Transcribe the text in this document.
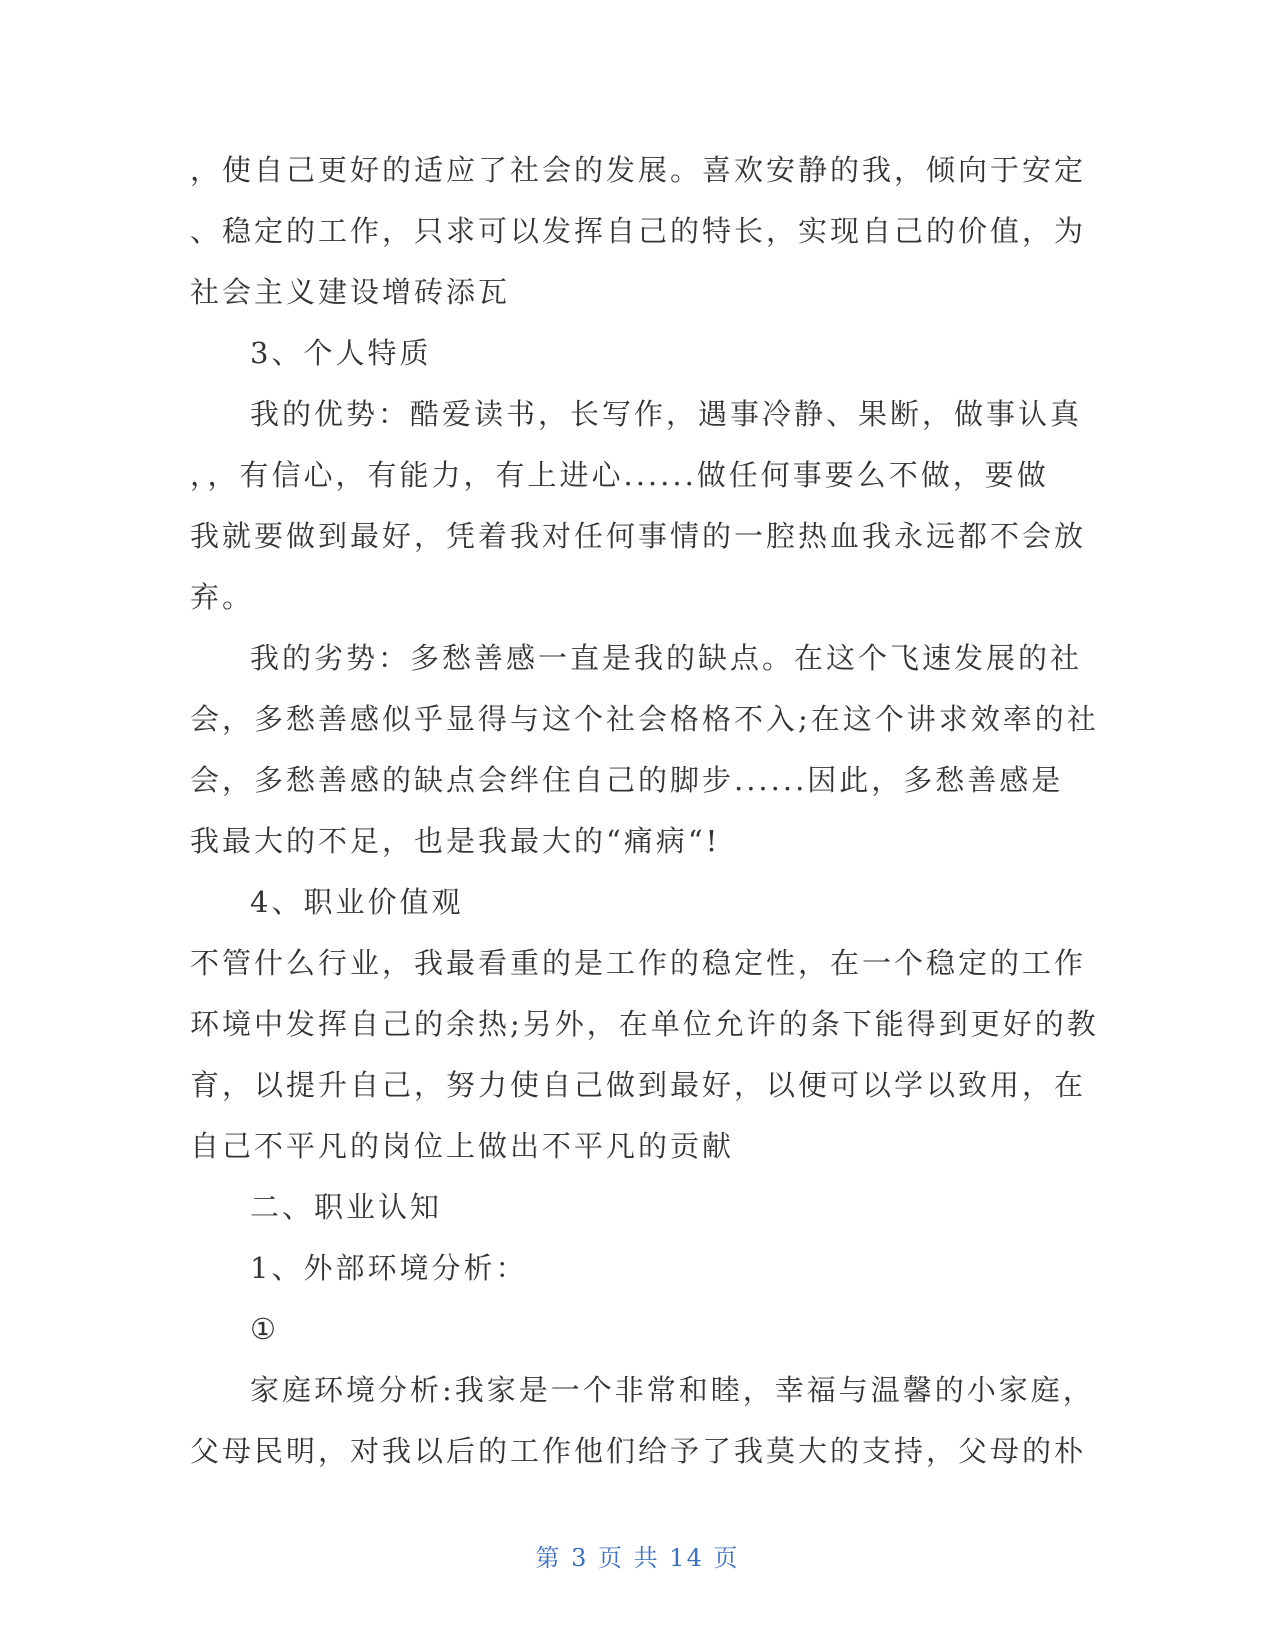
，使自己更好的适应了社会的发展。喜欢安静的我，倾向于安定
、稳定的工作，只求可以发挥自己的特长，实现自己的价值，为
社会主义建设增砖添瓦
3、个人特质
我的优势：酷爱读书，长写作，遇事冷静、果断，做事认真
，，有信心，有能力，有上进心......做任何事要么不做，要做
我就要做到最好，凭着我对任何事情的一腔热血我永远都不会放
弃。
我的劣势：多愁善感一直是我的缺点。在这个飞速发展的社
会，多愁善感似乎显得与这个社会格格不入;在这个讲求效率的社
会，多愁善感的缺点会绊住自己的脚步......因此，多愁善感是
我最大的不足，也是我最大的“痛病“!
4、职业价值观
不管什么行业，我最看重的是工作的稳定性，在一个稳定的工作
环境中发挥自己的余热;另外，在单位允许的条下能得到更好的教
育，以提升自己，努力使自己做到最好，以便可以学以致用，在
自己不平凡的岗位上做出不平凡的贡献
二、职业认知
1、外部环境分析：
①
家庭环境分析:我家是一个非常和睦，幸福与温馨的小家庭，
父母民明，对我以后的工作他们给予了我莫大的支持，父母的朴
第 3 页 共 14 页
